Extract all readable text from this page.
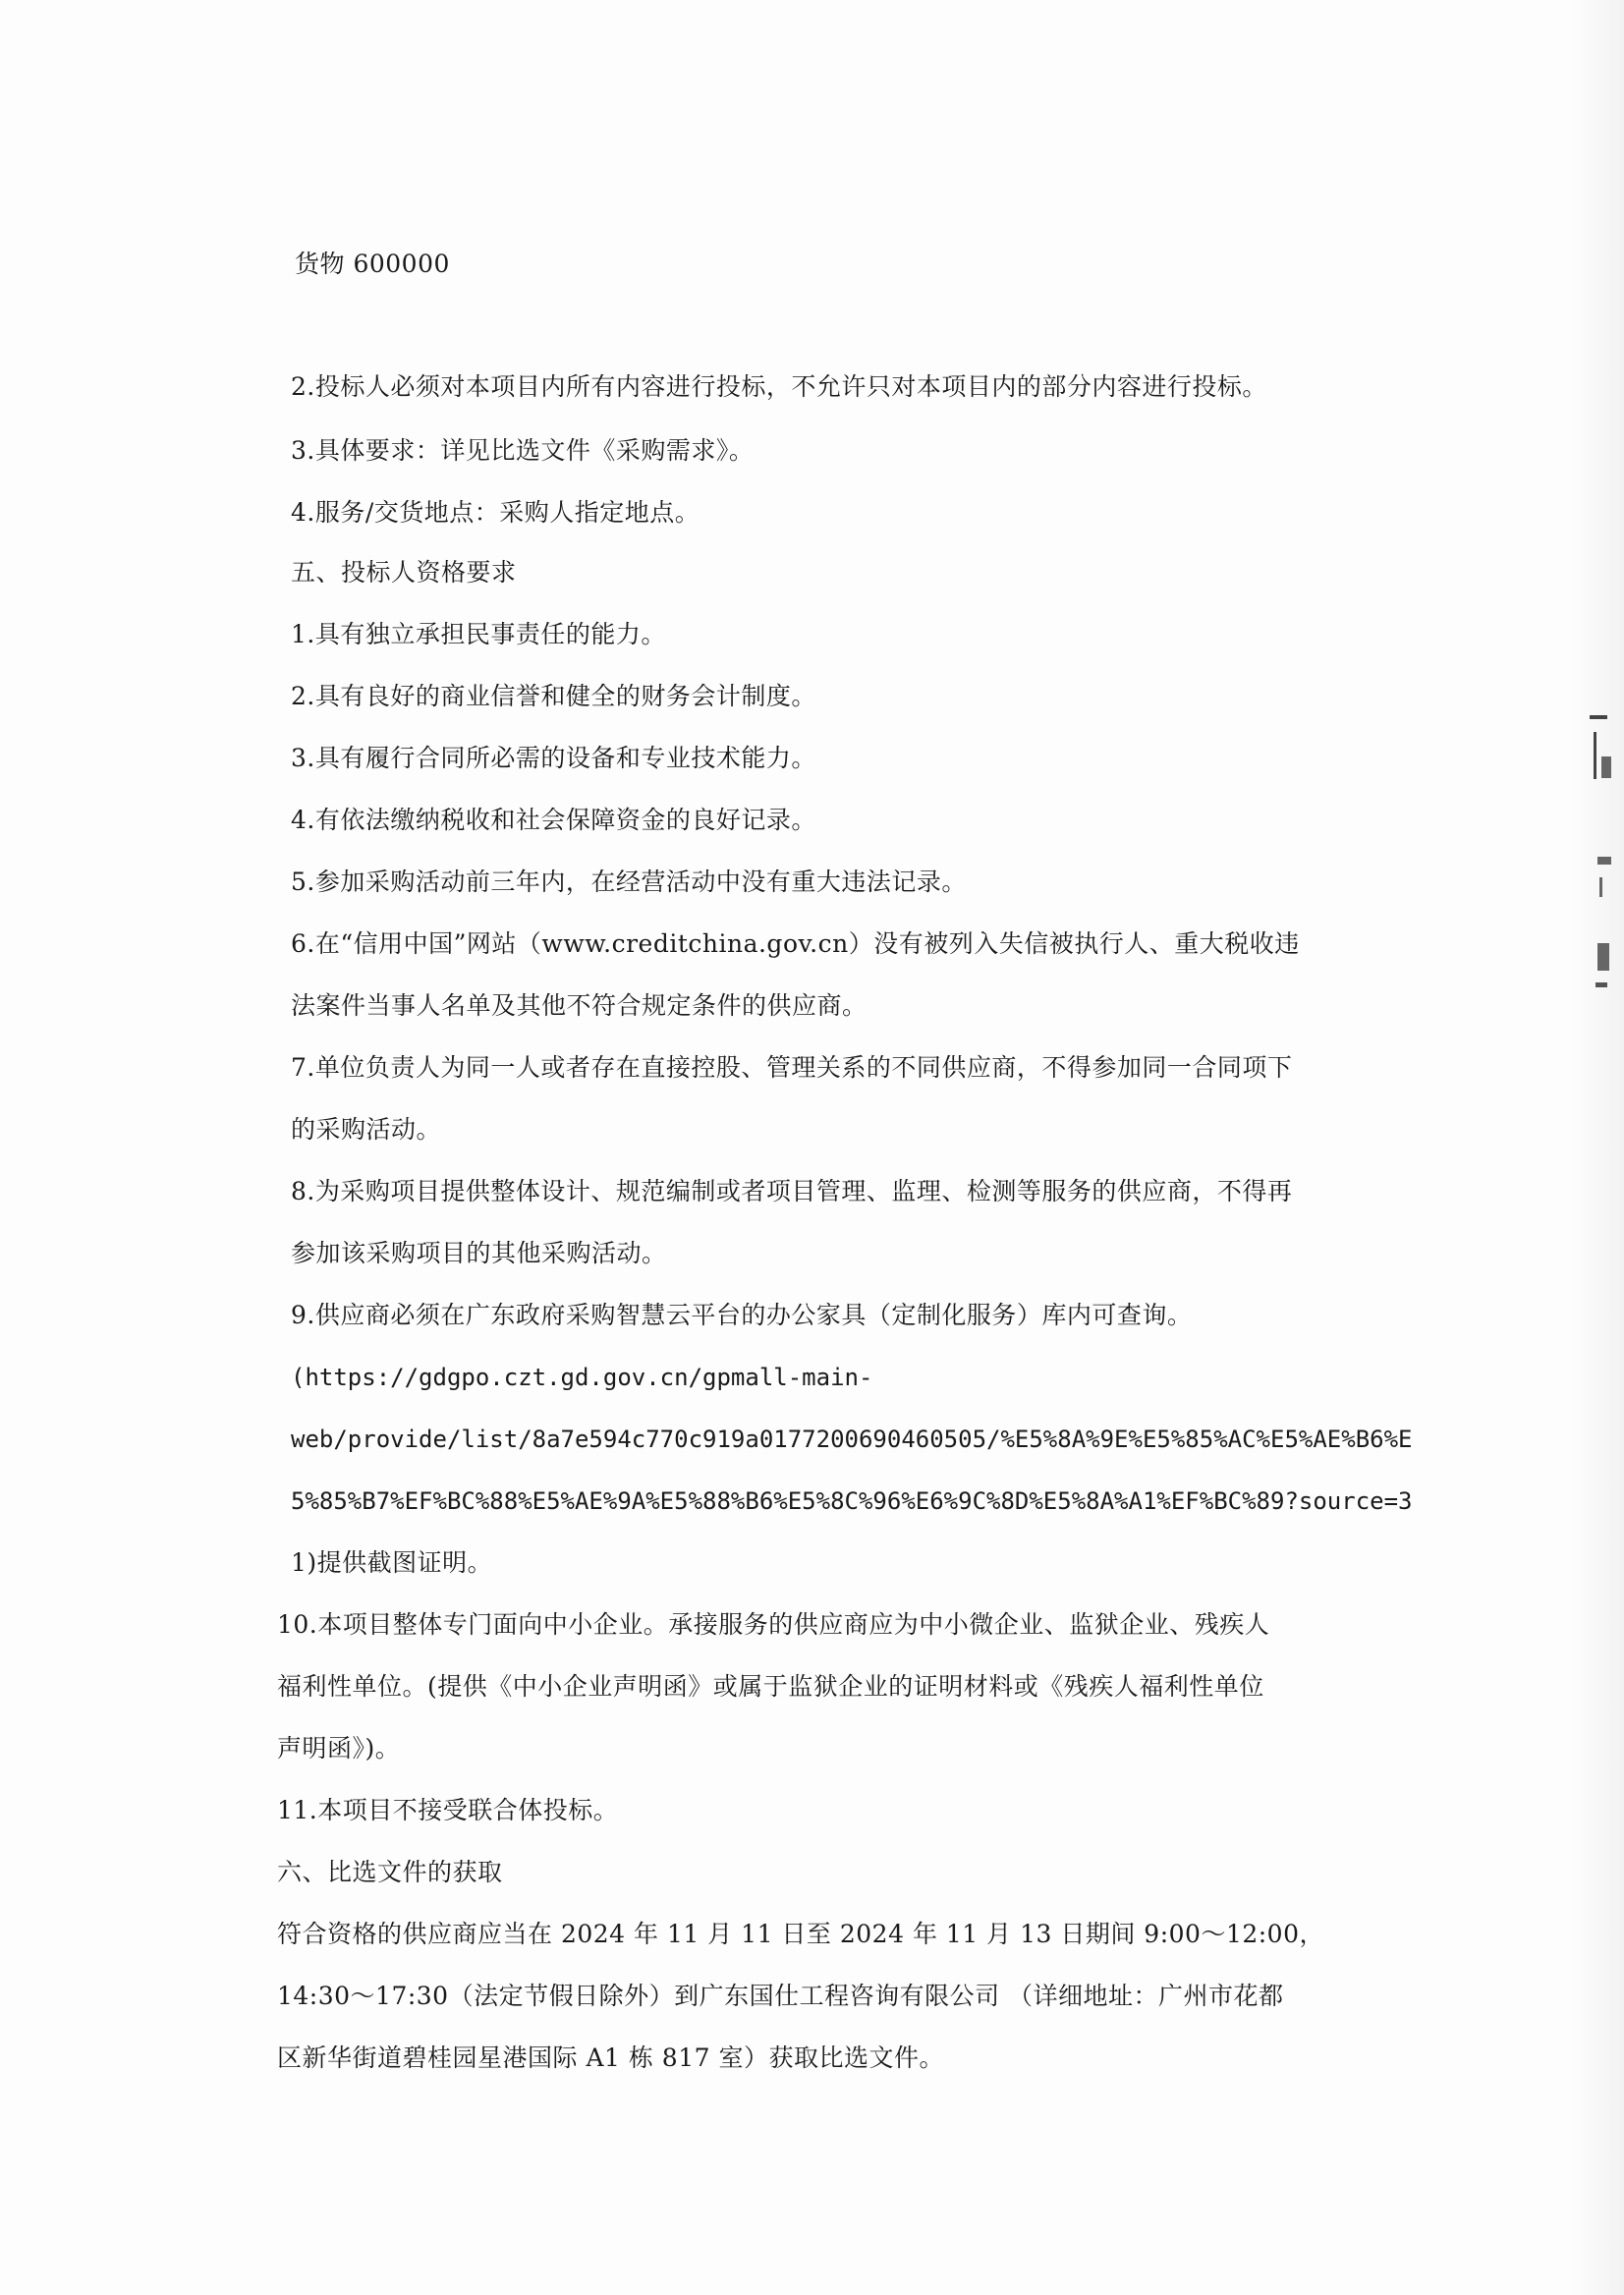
货物 600000
2.投标人必须对本项目内所有内容进行投标，不允许只对本项目内的部分内容进行投标。
3.具体要求：详见比选文件《采购需求》。
4.服务/交货地点：采购人指定地点。
五、投标人资格要求
1.具有独立承担民事责任的能力。
2.具有良好的商业信誉和健全的财务会计制度。
3.具有履行合同所必需的设备和专业技术能力。
4.有依法缴纳税收和社会保障资金的良好记录。
5.参加采购活动前三年内，在经营活动中没有重大违法记录。
6.在“信用中国”网站（www.creditchina.gov.cn）没有被列入失信被执行人、重大税收违
法案件当事人名单及其他不符合规定条件的供应商。
7.单位负责人为同一人或者存在直接控股、管理关系的不同供应商，不得参加同一合同项下
的采购活动。
8.为采购项目提供整体设计、规范编制或者项目管理、监理、检测等服务的供应商，不得再
参加该采购项目的其他采购活动。
9.供应商必须在广东政府采购智慧云平台的办公家具（定制化服务）库内可查询。
(https://gdgpo.czt.gd.gov.cn/gpmall-main-
web/provide/list/8a7e594c770c919a0177200690460505/%E5%8A%9E%E5%85%AC%E5%AE%B6%E
5%85%B7%EF%BC%88%E5%AE%9A%E5%88%B6%E5%8C%96%E6%9C%8D%E5%8A%A1%EF%BC%89?source=3
1)提供截图证明。
10.本项目整体专门面向中小企业。承接服务的供应商应为中小微企业、监狱企业、残疾人
福利性单位。(提供《中小企业声明函》或属于监狱企业的证明材料或《残疾人福利性单位
声明函》)。
11.本项目不接受联合体投标。
六、比选文件的获取
符合资格的供应商应当在 2024 年 11 月 11 日至 2024 年 11 月 13 日期间 9:00～12:00，
14:30～17:30（法定节假日除外）到广东国仕工程咨询有限公司 （详细地址：广州市花都
区新华街道碧桂园星港国际 A1 栋 817 室）获取比选文件。
